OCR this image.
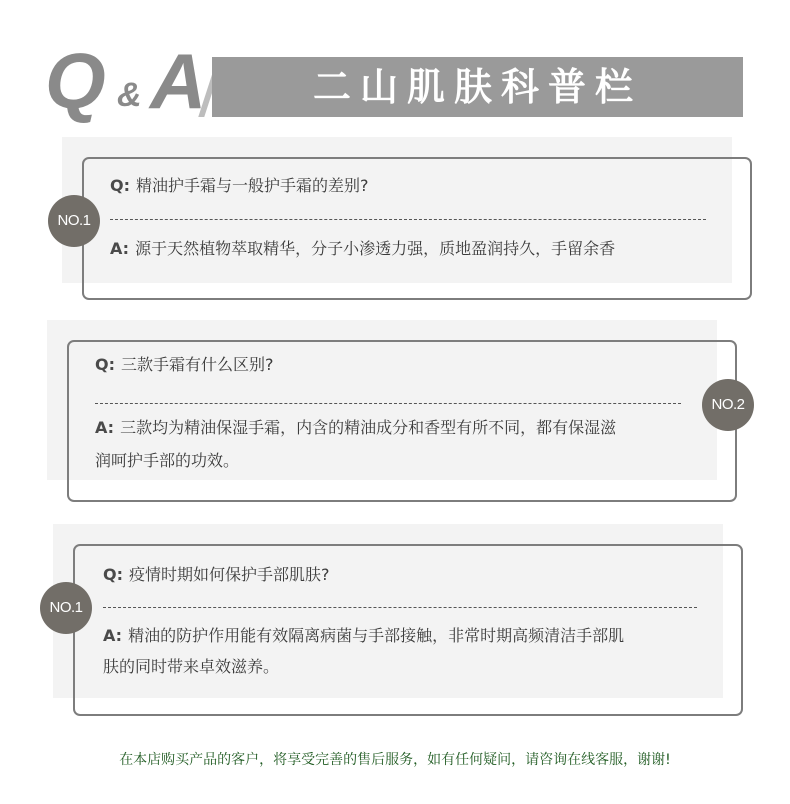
Q & A	二山肌肤科普栏
NO.1
Q: 精油护手霜与一般护手霜的差别?
A: 源于天然植物萃取精华，分子小渗透力强，质地盈润持久，手留余香
NO.2
Q: 三款手霜有什么区别?
A: 三款均为精油保湿手霜，内含的精油成分和香型有所不同，都有保湿滋
润呵护手部的功效。
NO.1
Q: 疫情时期如何保护手部肌肤?
A: 精油的防护作用能有效隔离病菌与手部接触，非常时期高频清洁手部肌
肤的同时带来卓效滋养。
在本店购买产品的客户，将享受完善的售后服务，如有任何疑问，请咨询在线客服，谢谢!
